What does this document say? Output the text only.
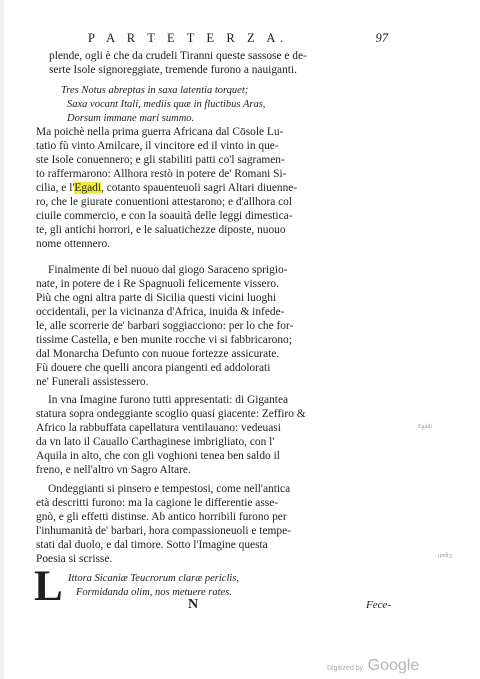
P A R T E T E R Z A.	97
plende, ogli è che da crudeli Tiranni queste sassose e de-
serte Isole signoreggiate, tremende furono a nauiganti.
Tres Notus abreptas in saxa latentia torquet;
Saxa vocant Itali, mediis quæ in fluctibus Aras,
Dorsum immane mari summo.
Ma poichè nella prima guerra Africana dal Cōsole Lu-
tatio fù vinto Amilcare, il vincitore ed il vinto in que-
ste Isole conuennero; e gli stabiliti patti co'l sagramen-
to raffermarono: Allhora restò in potere de' Romani Si-
cilia, e l'Egadi, cotanto spauenteuoli sagri Altari diuenne-
ro, che le giurate conuentioni attestarono; e d'allhora col
ciuile commercio, e con la soauità delle leggi dimestica-
te, gli antichi horrori, e le saluatichezze diposte, nuouo
nome ottennero.
Finalmente di bel nuouo dal giogo Saraceno sprigio-
nate, in potere de i Re Spagnuoli felicemente vissero.
Più che ogni altra parte di Sicilia questi vicini luoghi
occidentali, per la vicinanza d'Africa, inuida & infede-
le, alle scorrerie de' barbari soggiacciono: per lo che for-
tissime Castella, e ben munite rocche vi si fabbricarono;
dal Monarcha Defunto con nuoue fortezze assicurate.
Fù douere che quelli ancora piangenti ed addolorati
ne' Funerali assistessero.
In vna Imagine furono tutti appresentati: di Gigantea
statura sopra ondeggiante scoglio quasi giacente: Zeffiro &
Africo la rabbuffata capellatura ventilauano: vedeuasi
da vn lato il Cauallo Carthaginese imbrigliato, con l'
Aquila in alto, che con gli voghioni tenea ben saldo il
freno, e nell'altro vn Sagro Altare.
Ondeggianti si pinsero e tempestosi, come nell'antica
età descritti furono: ma la cagione le differentie asse-
gnò, e gli effetti distinse. Ab antico horribili furono per
l'inhumanità de' barbari, hora compassioneuoli e tempe-
stati dal duolo, e dal timore. Sotto l'Imagine questa
Poesia si scrisse.
L Ittora Sicaniæ Teucrorum claræ periclis,
Formidanda olim, nos metuere rates.
N	Fece-
Egadi
Egadi
Digitized by Google
